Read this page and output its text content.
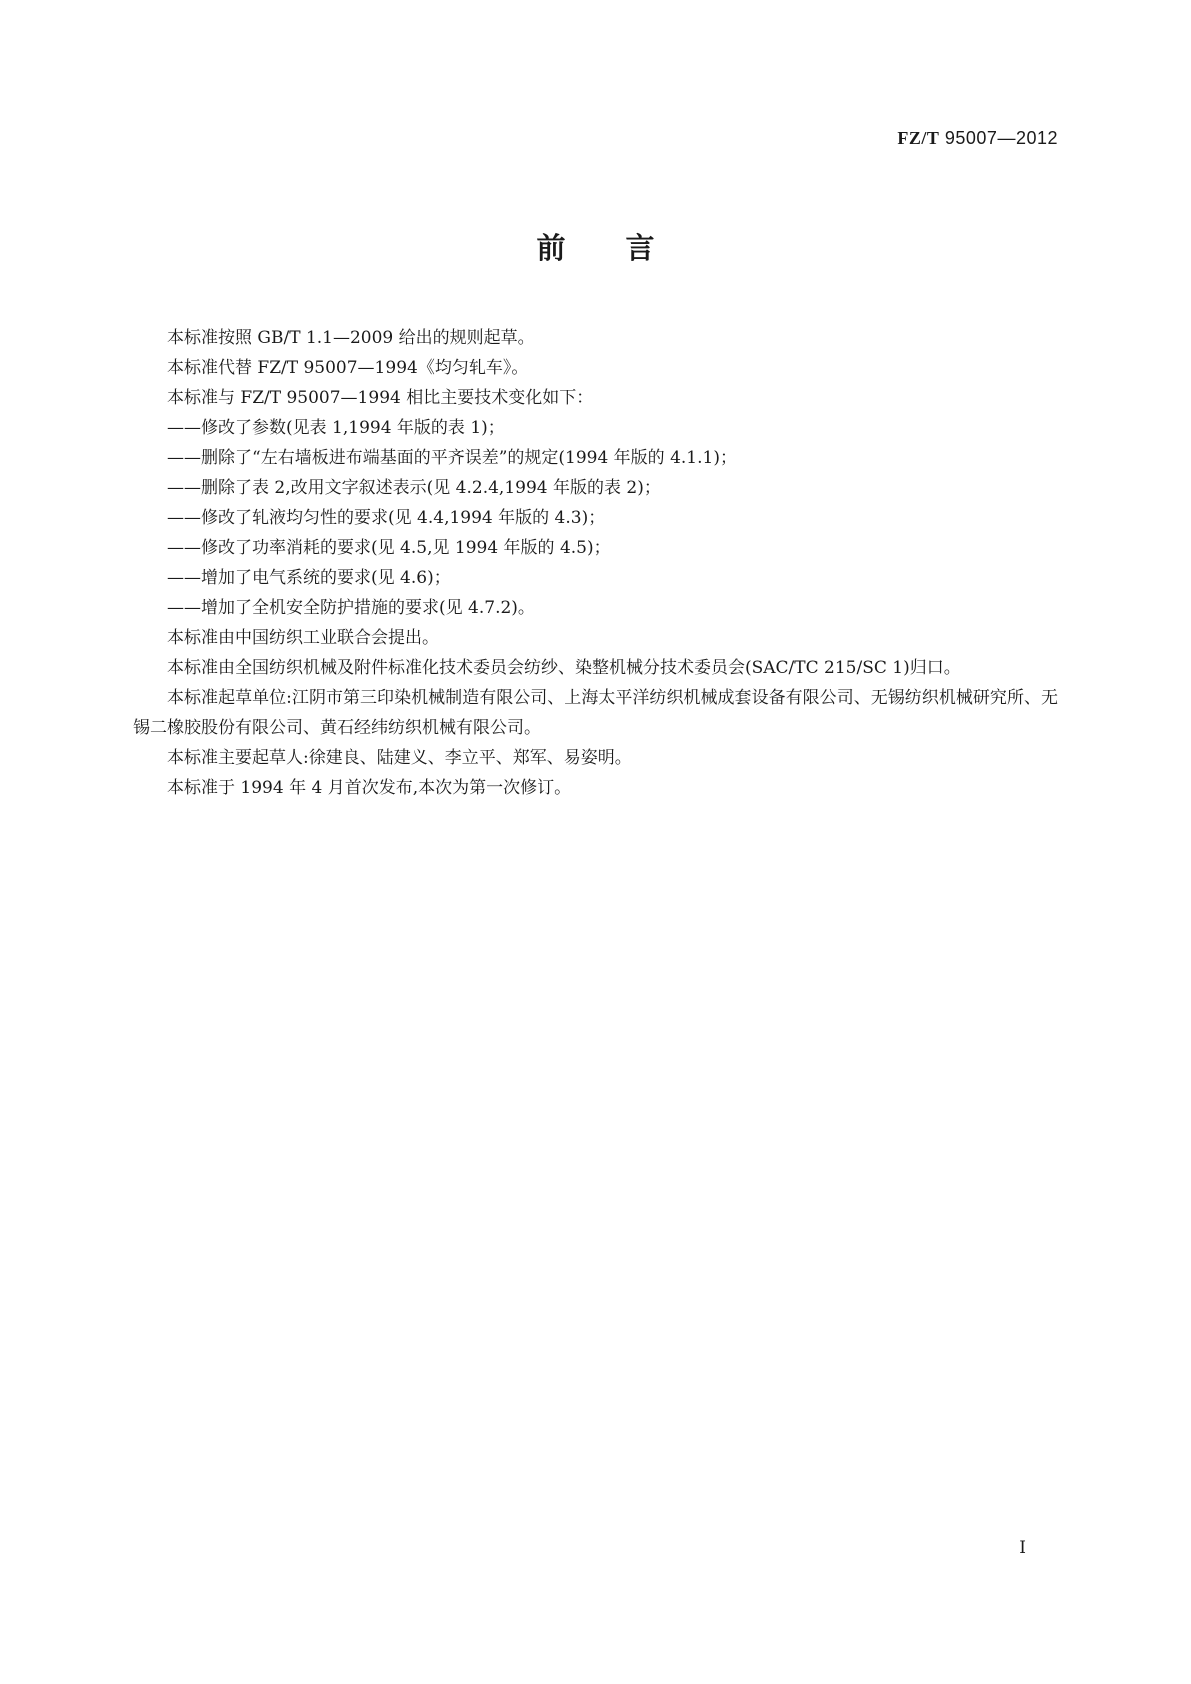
FZ/T 95007—2012
前言

本标准按照 GB/T 1.1—2009 给出的规则起草。

本标准代替 FZ/T 95007—1994《均匀轧车》。

本标准与 FZ/T 95007—1994 相比主要技术变化如下：

——修改了参数(见表 1,1994 年版的表 1)；

——删除了“左右墙板进布端基面的平齐误差”的规定(1994 年版的 4.1.1)；

——删除了表 2,改用文字叙述表示(见 4.2.4,1994 年版的表 2)；

——修改了轧液均匀性的要求(见 4.4,1994 年版的 4.3)；

——修改了功率消耗的要求(见 4.5,见 1994 年版的 4.5)；

——增加了电气系统的要求(见 4.6)；

——增加了全机安全防护措施的要求(见 4.7.2)。

本标准由中国纺织工业联合会提出。

本标准由全国纺织机械及附件标准化技术委员会纺纱、染整机械分技术委员会(SAC/TC 215/SC 1)归口。

本标准起草单位:江阴市第三印染机械制造有限公司、上海太平洋纺织机械成套设备有限公司、无锡纺织机械研究所、无锡二橡胶股份有限公司、黄石经纬纺织机械有限公司。

本标准主要起草人:徐建良、陆建义、李立平、郑军、易姿明。

本标准于 1994 年 4 月首次发布,本次为第一次修订。

I
